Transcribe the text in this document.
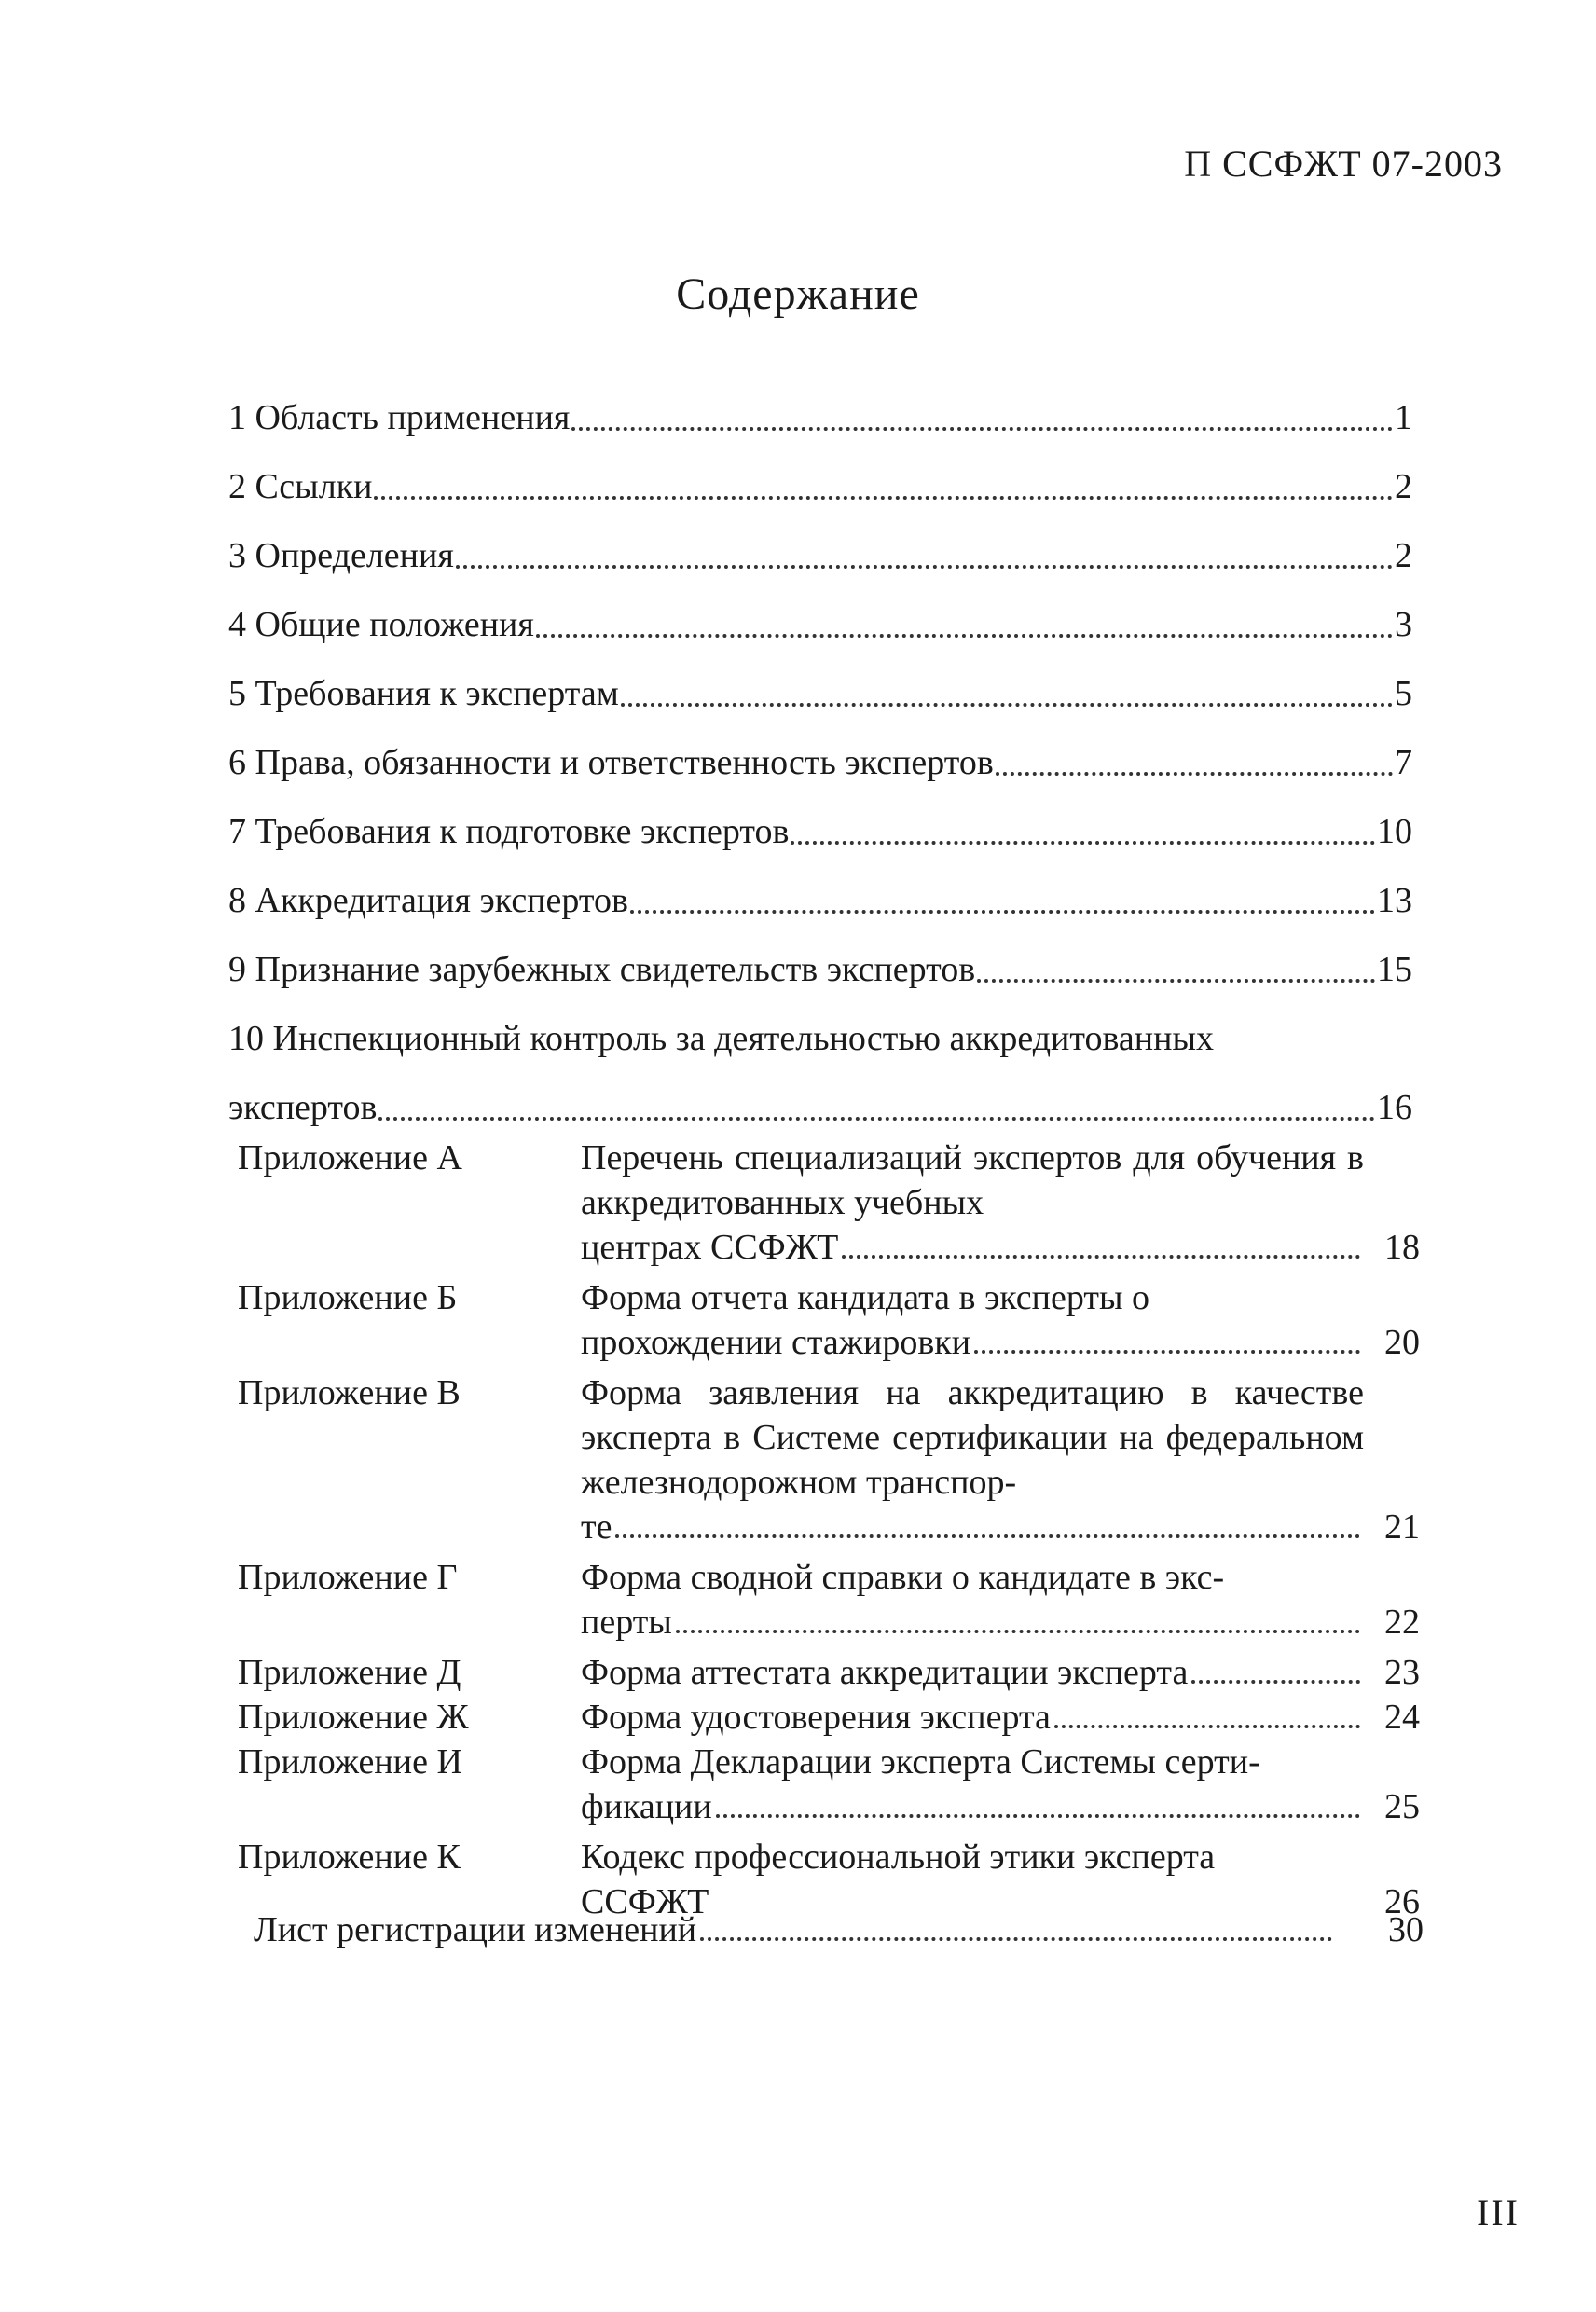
П ССФЖТ 07-2003
Содержание
1 Область применения	1
2 Ссылки	2
3 Определения	2
4 Общие положения	3
5 Требования к экспертам	5
6 Права, обязанности и ответственность экспертов	7
7 Требования к подготовке экспертов	10
8 Аккредитация экспертов	13
9 Признание зарубежных свидетельств экспертов	15
10 Инспекционный контроль за деятельностью аккредитованных
экспертов	16
Приложение А	Перечень специализаций экспертов для обучения в аккредитованных учебных
центрах ССФЖТ	18
Приложение Б	Форма отчета кандидата в эксперты о
прохождении стажировки	20
Приложение В	Форма заявления на аккредитацию в качестве эксперта в Системе сертификации на федеральном железнодорожном транспор-
те	21
Приложение Г	Форма сводной справки о кандидате в экс-
перты	22
Приложение Д	Форма аттестата аккредитации эксперта	23
Приложение Ж	Форма удостоверения эксперта	24
Приложение И	Форма Декларации эксперта Системы серти-
фикации	25
Приложение К	Кодекс профессиональной этики эксперта
ССФЖТ	26
Лист регистрации изменений	30
III
